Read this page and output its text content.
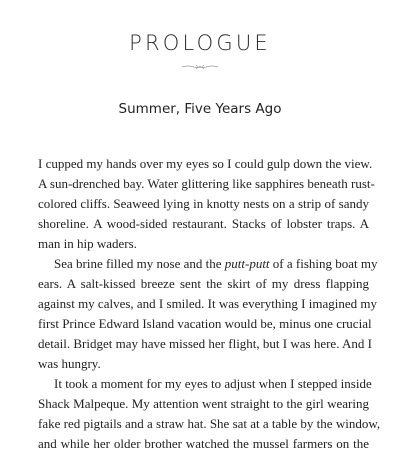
PROLOGUE
Summer, Five Years Ago

I cupped my hands over my eyes so I could gulp down the view.
A sun-drenched bay. Water glittering like sapphires beneath rust-
colored cliffs. Seaweed lying in knotty nests on a strip of sandy
shoreline. A wood-sided restaurant. Stacks of lobster traps. A
man in hip waders.

Sea brine filled my nose and the putt-putt of a fishing boat my
ears. A salt-kissed breeze sent the skirt of my dress flapping
against my calves, and I smiled. It was everything I imagined my
first Prince Edward Island vacation would be, minus one crucial
detail. Bridget may have missed her flight, but I was here. And I
was hungry.

It took a moment for my eyes to adjust when I stepped inside
Shack Malpeque. My attention went straight to the girl wearing
fake red pigtails and a straw hat. She sat at a table by the window,
and while her older brother watched the mussel farmers on the
